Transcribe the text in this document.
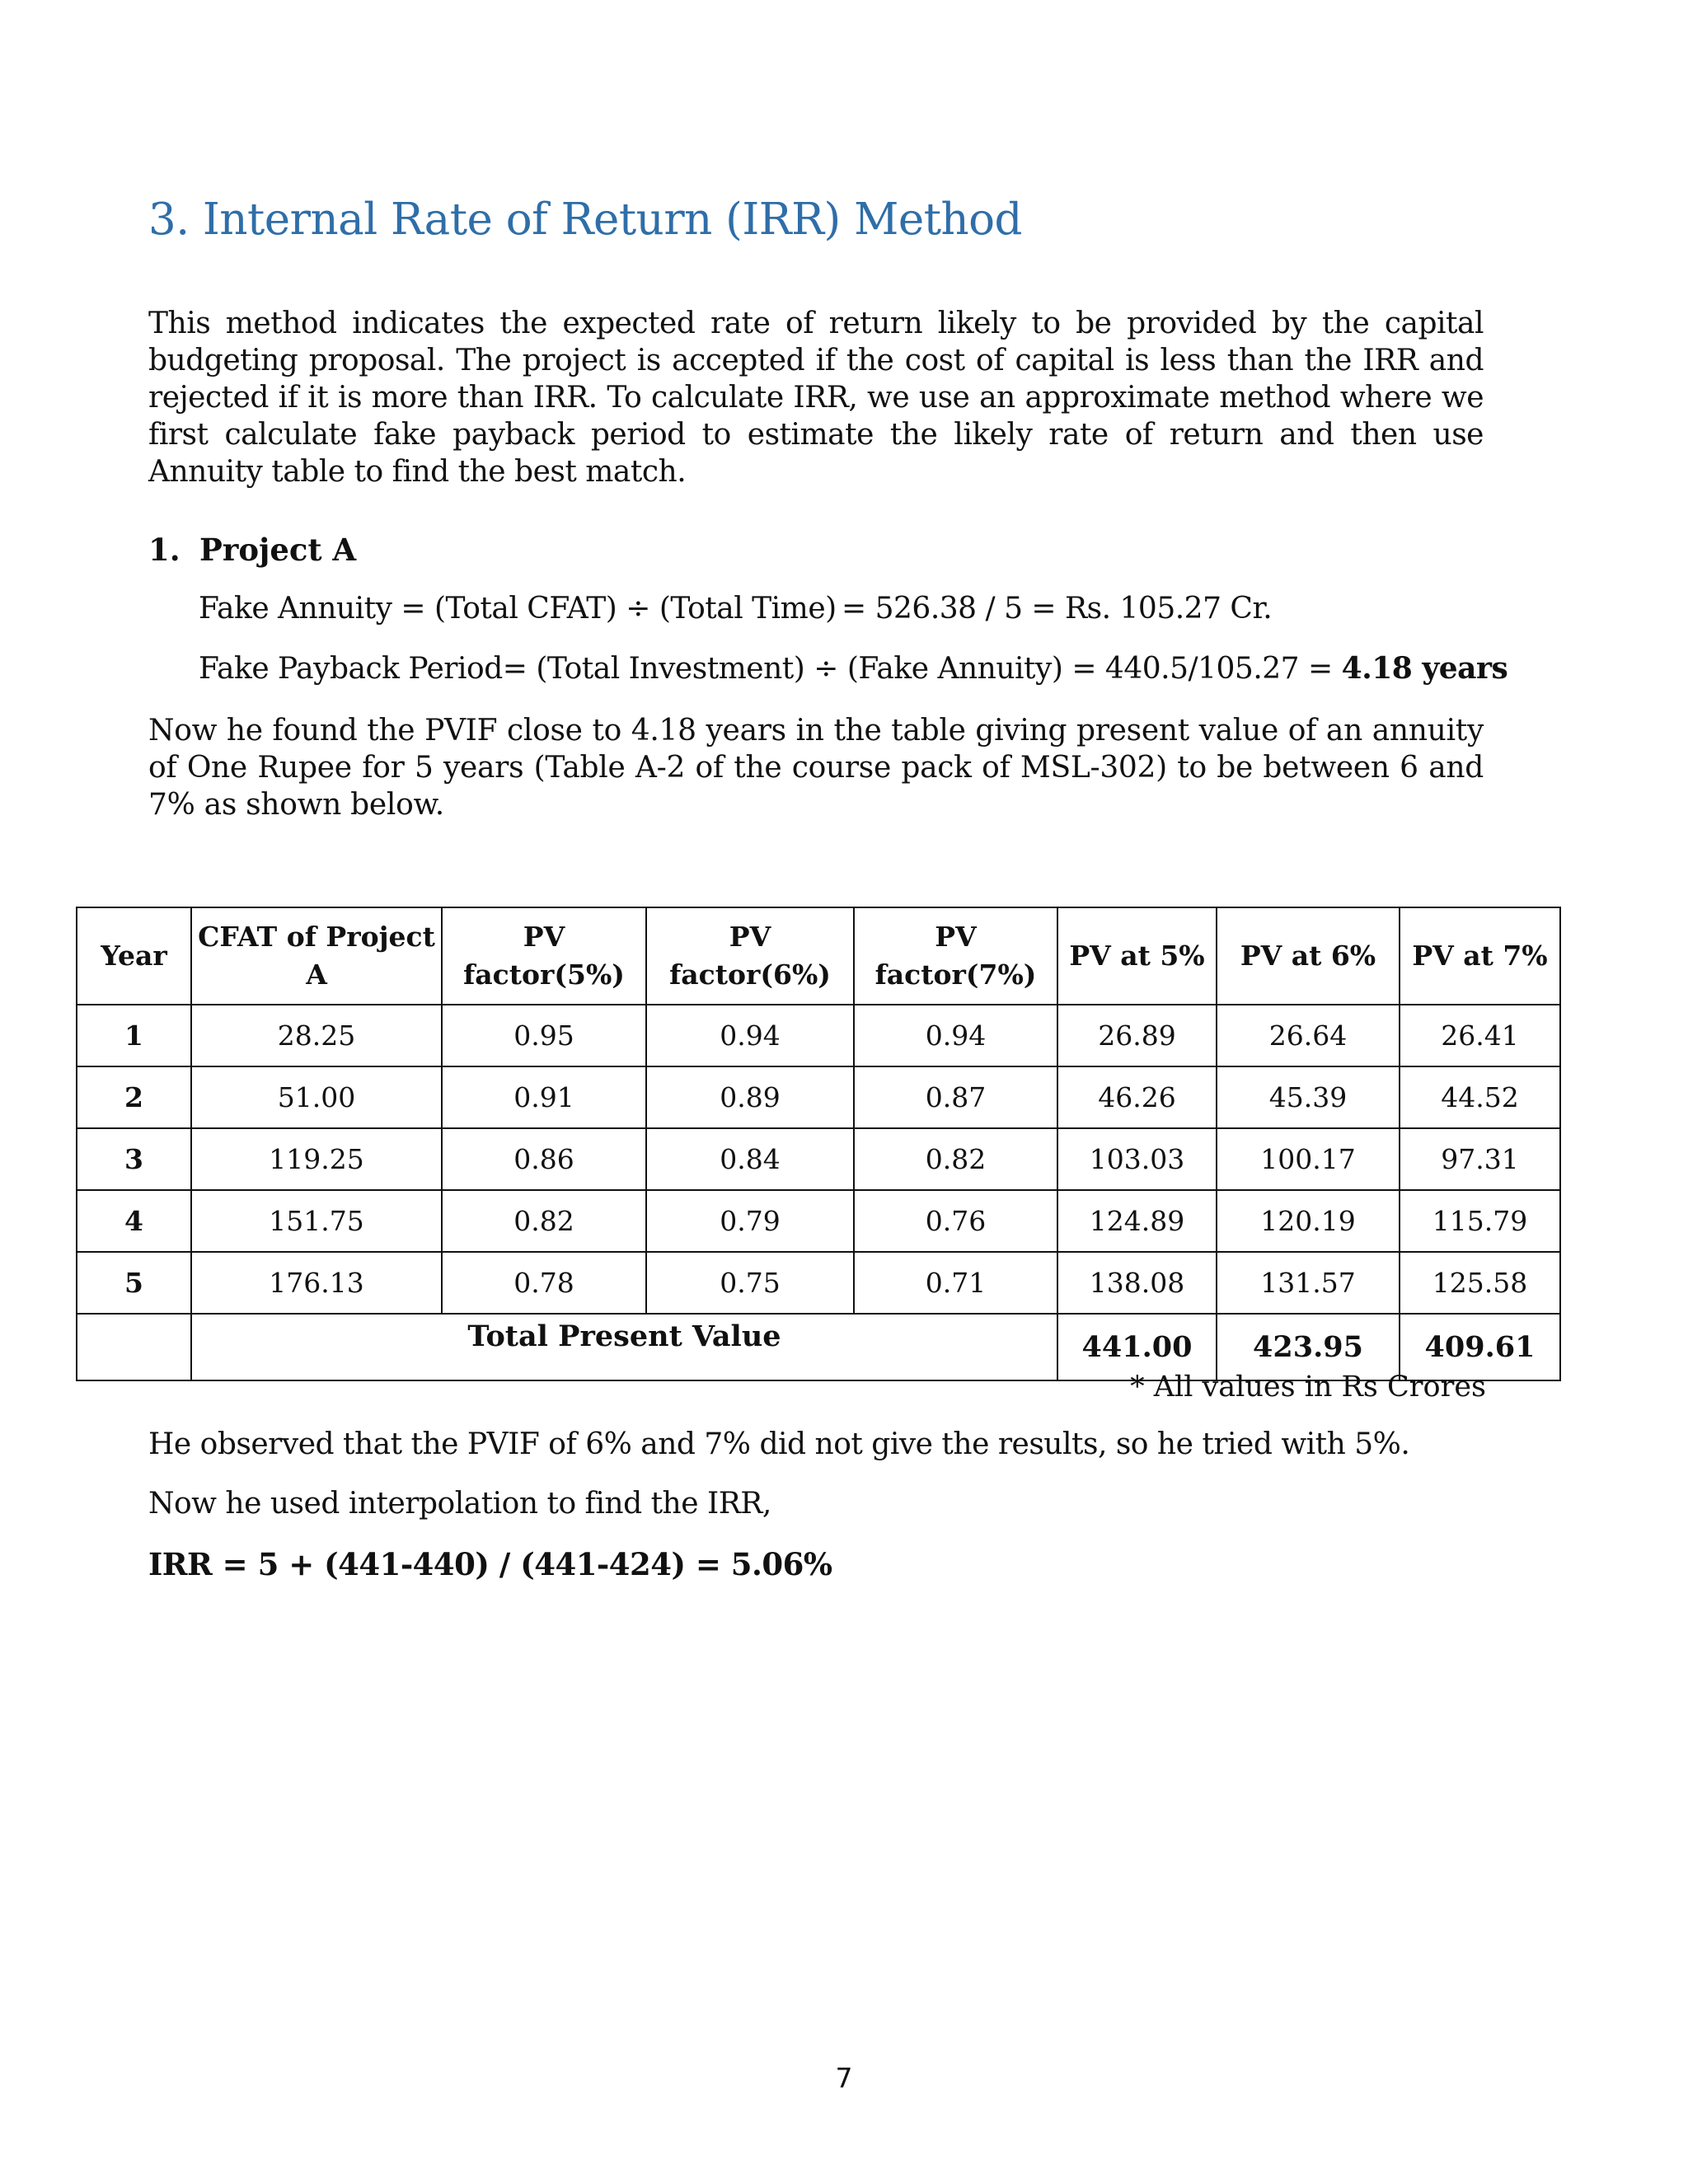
3. Internal Rate of Return (IRR) Method

This method indicates the expected rate of return likely to be provided by the capital budgeting proposal. The project is accepted if the cost of capital is less than the IRR and rejected if it is more than IRR. To calculate IRR, we use an approximate method where we first calculate fake payback period to estimate the likely rate of return and then use Annuity table to find the best match.

1. Project A

Fake Annuity = (Total CFAT) ÷ (Total Time) = 526.38 / 5 = Rs. 105.27 Cr.

Fake Payback Period= (Total Investment) ÷ (Fake Annuity) = 440.5/105.27 = 4.18 years

Now he found the PVIF close to 4.18 years in the table giving present value of an annuity of One Rupee for 5 years (Table A-2 of the course pack of MSL-302) to be between 6 and 7% as shown below.

Year	CFAT of Project A	PV factor(5%)	PV factor(6%)	PV factor(7%)	PV at 5%	PV at 6%	PV at 7%
1	28.25	0.95	0.94	0.94	26.89	26.64	26.41
2	51.00	0.91	0.89	0.87	46.26	45.39	44.52
3	119.25	0.86	0.84	0.82	103.03	100.17	97.31
4	151.75	0.82	0.79	0.76	124.89	120.19	115.79
5	176.13	0.78	0.75	0.71	138.08	131.57	125.58
	Total Present Value				441.00	423.95	409.61

* All values in Rs Crores

He observed that the PVIF of 6% and 7% did not give the results, so he tried with 5%.

Now he used interpolation to find the IRR,

IRR = 5 + (441-440) / (441-424) = 5.06%

7
